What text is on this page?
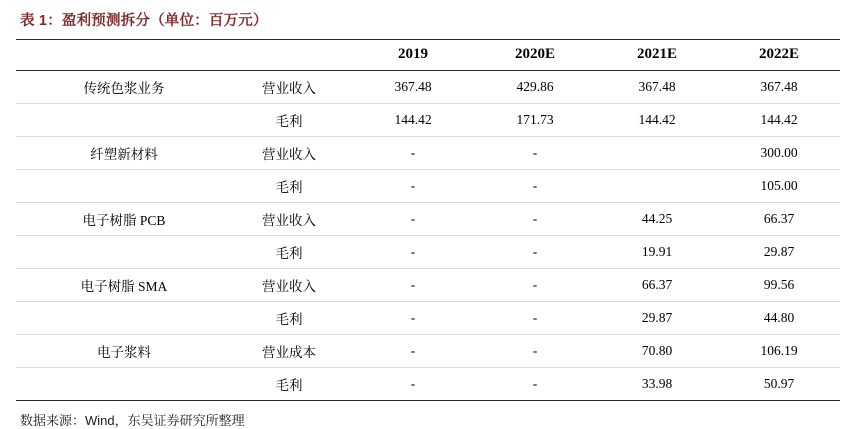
表 1：盈利预测拆分（单位：百万元）
		2019	2020E	2021E	2022E
传统色浆业务	营业收入	367.48	429.86	367.48	367.48
	毛利	144.42	171.73	144.42	144.42
纤塑新材料	营业收入	-	-		300.00
	毛利	-	-		105.00
电子树脂 PCB	营业收入	-	-	44.25	66.37
	毛利	-	-	19.91	29.87
电子树脂 SMA	营业收入	-	-	66.37	99.56
	毛利	-	-	29.87	44.80
电子浆料	营业成本	-	-	70.80	106.19
	毛利	-	-	33.98	50.97
数据来源：Wind，东吴证券研究所整理
